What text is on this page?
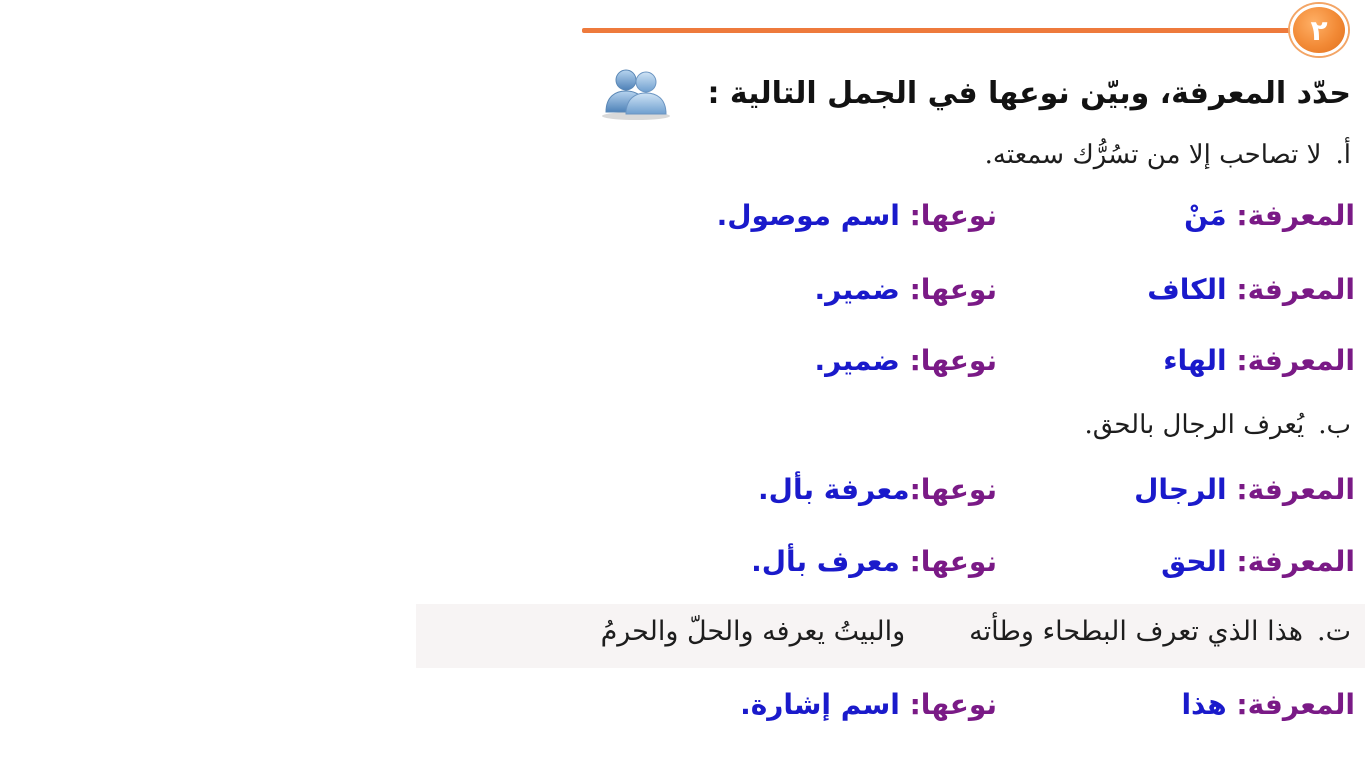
٢
حدّد المعرفة، وبيّن نوعها في الجمل التالية :
أ.لا تصاحب إلا من تسُرُّك سمعته.
المعرفة: مَنْ
نوعها: اسم موصول.
المعرفة: الكاف
نوعها: ضمير.
المعرفة: الهاء
نوعها: ضمير.
ب.يُعرف الرجال بالحق.
المعرفة: الرجال
نوعها:معرفة بأل.
المعرفة: الحق
نوعها: معرف بأل.
ت.هذا الذي تعرف البطحاء وطأتهوالبيتُ يعرفه والحلّ والحرمُ
المعرفة: هذا
نوعها: اسم إشارة.
